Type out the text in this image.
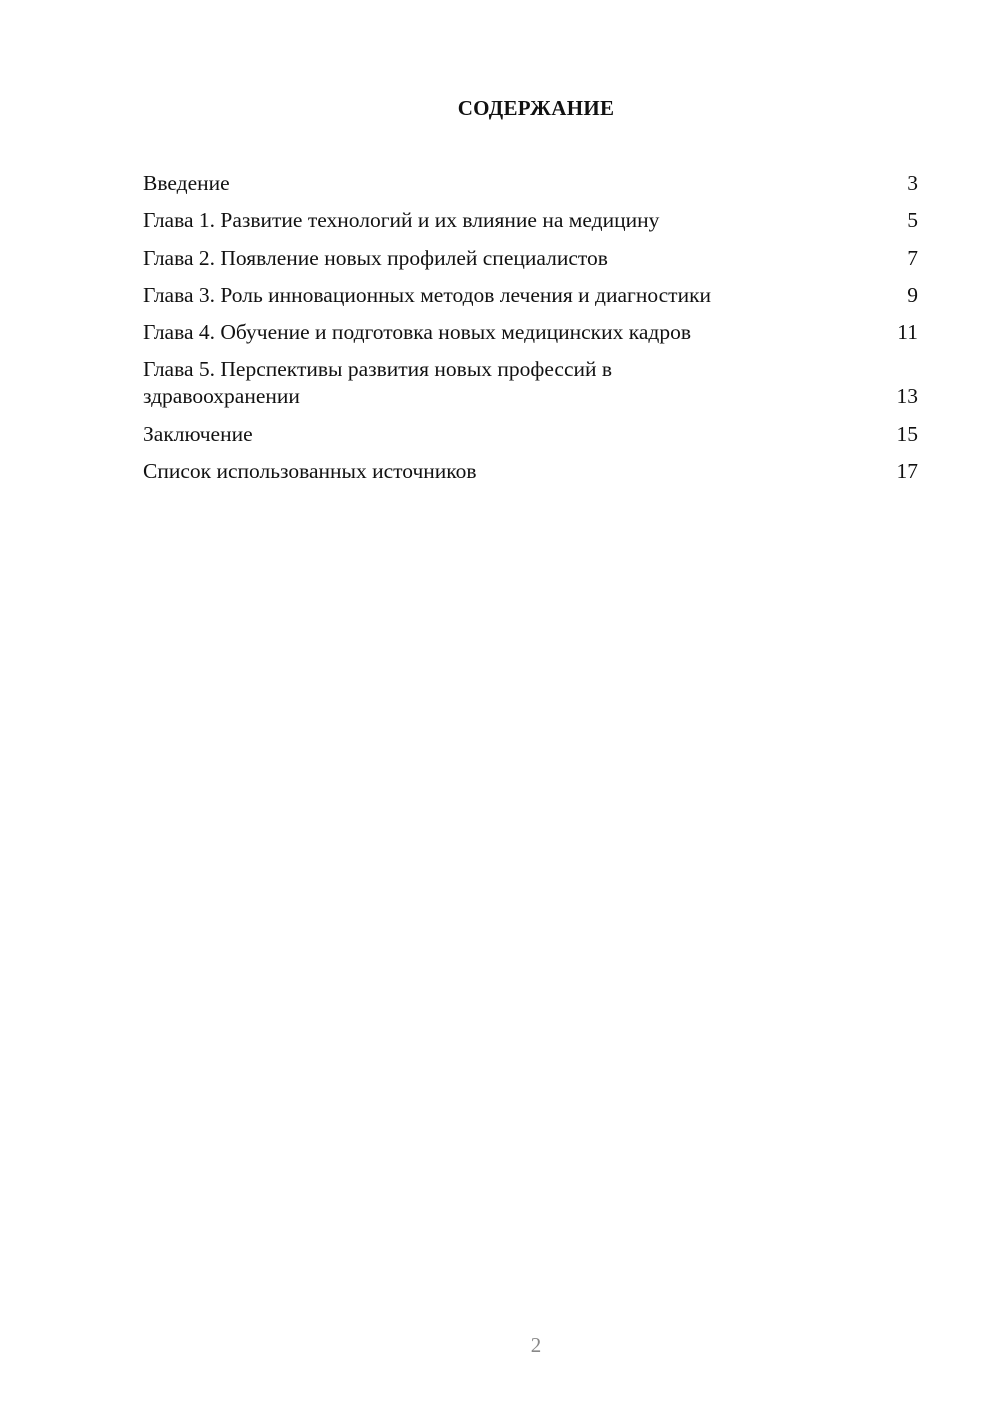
СОДЕРЖАНИЕ
Введение	3
Глава 1. Развитие технологий и их влияние на медицину	5
Глава 2. Появление новых профилей специалистов	7
Глава 3. Роль инновационных методов лечения и диагностики	9
Глава 4. Обучение и подготовка новых медицинских кадров	11
Глава 5. Перспективы развития новых профессий в здравоохранении	13
Заключение	15
Список использованных источников	17
2
